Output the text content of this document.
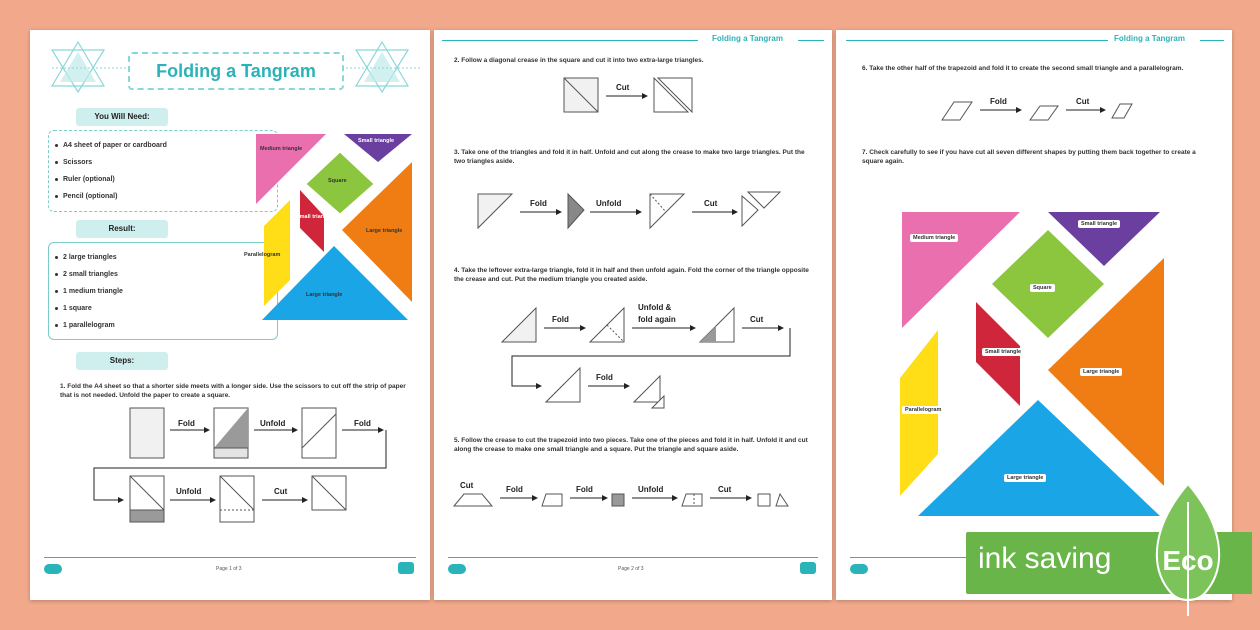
Folding a Tangram
You Will Need:
A4 sheet of paper or cardboard
Scissors
Ruler (optional)
Pencil (optional)
Result:
2 large triangles
2 small triangles
1 medium triangle
1 square
1 parallelogram
Medium triangle
Small triangle
Square
Small triangle
Large triangle
Parallelogram
Large triangle
Steps:
1. Fold the A4 sheet so that a shorter side meets with a longer side. Use the scissors to cut off the strip of paper that is not needed. Unfold the paper to create a square.
Fold	Unfold	Fold
Unfold	Cut
Page 1 of 3
Folding a Tangram
2. Follow a diagonal crease in the square and cut it into two extra-large triangles.
Cut
3. Take one of the triangles and fold it in half. Unfold and cut along the crease to make two large triangles. Put the two triangles aside.
Fold	Unfold	Cut
4. Take the leftover extra-large triangle, fold it in half and then unfold again. Fold the corner of the triangle opposite the crease and cut. Put the medium triangle you created aside.
Fold
Unfold &
fold again	Cut
Fold
5. Follow the crease to cut the trapezoid into two pieces. Take one of the pieces and fold it in half. Unfold it and cut along the crease to make one small triangle and a square. Put the triangle and square aside.
Cut	Fold	Fold	Unfold	Cut
Page 2 of 3
Folding a Tangram
6. Take the other half of the trapezoid and fold it to create the second small triangle and a parallelogram.
Fold	Cut
7. Check carefully to see if you have cut all seven different shapes by putting them back together to create a square again.
Medium triangle
Small triangle
Square
Small triangle
Large triangle
Parallelogram
Large triangle
ink saving Eco
